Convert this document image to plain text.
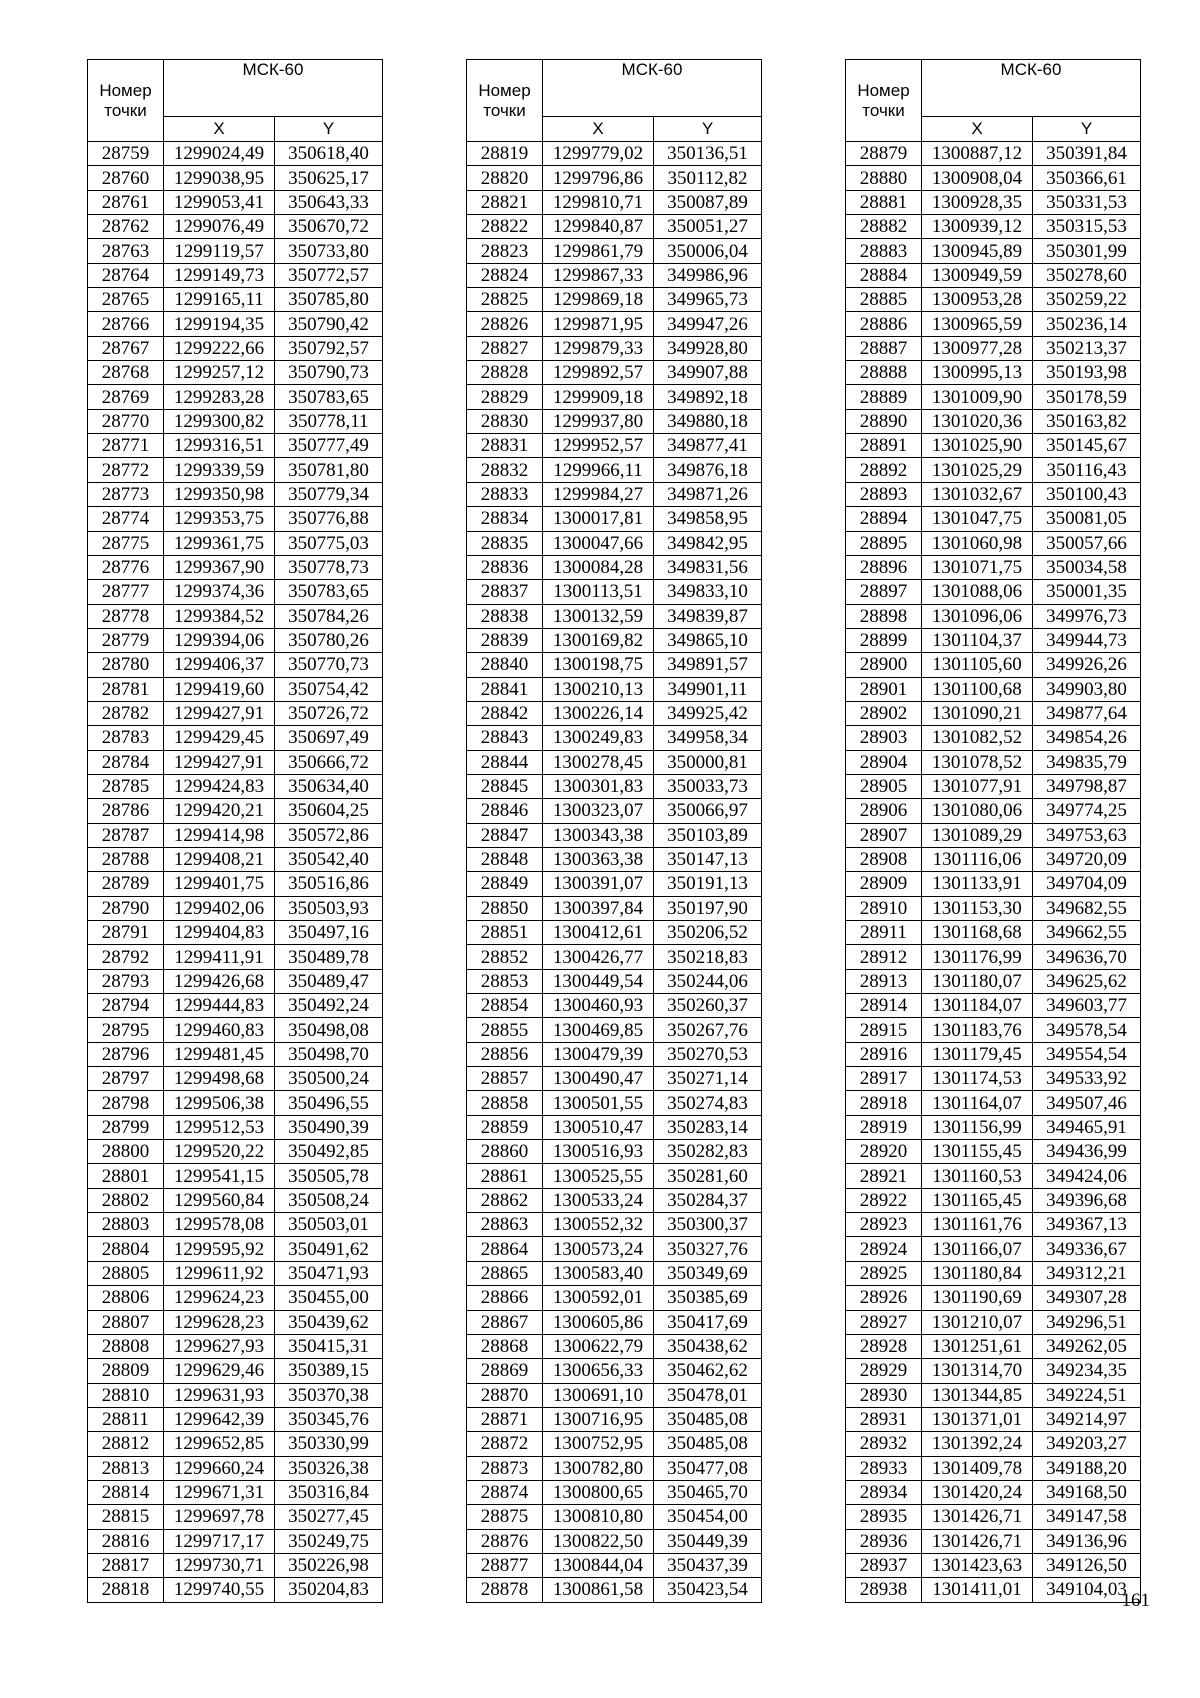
Номер точки	МСК-60	
	X	Y
28759	1299024,49	350618,40
28760	1299038,95	350625,17
28761	1299053,41	350643,33
28762	1299076,49	350670,72
28763	1299119,57	350733,80
28764	1299149,73	350772,57
28765	1299165,11	350785,80
28766	1299194,35	350790,42
28767	1299222,66	350792,57
28768	1299257,12	350790,73
28769	1299283,28	350783,65
28770	1299300,82	350778,11
28771	1299316,51	350777,49
28772	1299339,59	350781,80
28773	1299350,98	350779,34
28774	1299353,75	350776,88
28775	1299361,75	350775,03
28776	1299367,90	350778,73
28777	1299374,36	350783,65
28778	1299384,52	350784,26
28779	1299394,06	350780,26
28780	1299406,37	350770,73
28781	1299419,60	350754,42
28782	1299427,91	350726,72
28783	1299429,45	350697,49
28784	1299427,91	350666,72
28785	1299424,83	350634,40
28786	1299420,21	350604,25
28787	1299414,98	350572,86
28788	1299408,21	350542,40
28789	1299401,75	350516,86
28790	1299402,06	350503,93
28791	1299404,83	350497,16
28792	1299411,91	350489,78
28793	1299426,68	350489,47
28794	1299444,83	350492,24
28795	1299460,83	350498,08
28796	1299481,45	350498,70
28797	1299498,68	350500,24
28798	1299506,38	350496,55
28799	1299512,53	350490,39
28800	1299520,22	350492,85
28801	1299541,15	350505,78
28802	1299560,84	350508,24
28803	1299578,08	350503,01
28804	1299595,92	350491,62
28805	1299611,92	350471,93
28806	1299624,23	350455,00
28807	1299628,23	350439,62
28808	1299627,93	350415,31
28809	1299629,46	350389,15
28810	1299631,93	350370,38
28811	1299642,39	350345,76
28812	1299652,85	350330,99
28813	1299660,24	350326,38
28814	1299671,31	350316,84
28815	1299697,78	350277,45
28816	1299717,17	350249,75
28817	1299730,71	350226,98
28818	1299740,55	350204,83
Номер точки	МСК-60	
	X	Y
28819	1299779,02	350136,51
28820	1299796,86	350112,82
28821	1299810,71	350087,89
28822	1299840,87	350051,27
28823	1299861,79	350006,04
28824	1299867,33	349986,96
28825	1299869,18	349965,73
28826	1299871,95	349947,26
28827	1299879,33	349928,80
28828	1299892,57	349907,88
28829	1299909,18	349892,18
28830	1299937,80	349880,18
28831	1299952,57	349877,41
28832	1299966,11	349876,18
28833	1299984,27	349871,26
28834	1300017,81	349858,95
28835	1300047,66	349842,95
28836	1300084,28	349831,56
28837	1300113,51	349833,10
28838	1300132,59	349839,87
28839	1300169,82	349865,10
28840	1300198,75	349891,57
28841	1300210,13	349901,11
28842	1300226,14	349925,42
28843	1300249,83	349958,34
28844	1300278,45	350000,81
28845	1300301,83	350033,73
28846	1300323,07	350066,97
28847	1300343,38	350103,89
28848	1300363,38	350147,13
28849	1300391,07	350191,13
28850	1300397,84	350197,90
28851	1300412,61	350206,52
28852	1300426,77	350218,83
28853	1300449,54	350244,06
28854	1300460,93	350260,37
28855	1300469,85	350267,76
28856	1300479,39	350270,53
28857	1300490,47	350271,14
28858	1300501,55	350274,83
28859	1300510,47	350283,14
28860	1300516,93	350282,83
28861	1300525,55	350281,60
28862	1300533,24	350284,37
28863	1300552,32	350300,37
28864	1300573,24	350327,76
28865	1300583,40	350349,69
28866	1300592,01	350385,69
28867	1300605,86	350417,69
28868	1300622,79	350438,62
28869	1300656,33	350462,62
28870	1300691,10	350478,01
28871	1300716,95	350485,08
28872	1300752,95	350485,08
28873	1300782,80	350477,08
28874	1300800,65	350465,70
28875	1300810,80	350454,00
28876	1300822,50	350449,39
28877	1300844,04	350437,39
28878	1300861,58	350423,54
Номер точки	МСК-60	
	X	Y
28879	1300887,12	350391,84
28880	1300908,04	350366,61
28881	1300928,35	350331,53
28882	1300939,12	350315,53
28883	1300945,89	350301,99
28884	1300949,59	350278,60
28885	1300953,28	350259,22
28886	1300965,59	350236,14
28887	1300977,28	350213,37
28888	1300995,13	350193,98
28889	1301009,90	350178,59
28890	1301020,36	350163,82
28891	1301025,90	350145,67
28892	1301025,29	350116,43
28893	1301032,67	350100,43
28894	1301047,75	350081,05
28895	1301060,98	350057,66
28896	1301071,75	350034,58
28897	1301088,06	350001,35
28898	1301096,06	349976,73
28899	1301104,37	349944,73
28900	1301105,60	349926,26
28901	1301100,68	349903,80
28902	1301090,21	349877,64
28903	1301082,52	349854,26
28904	1301078,52	349835,79
28905	1301077,91	349798,87
28906	1301080,06	349774,25
28907	1301089,29	349753,63
28908	1301116,06	349720,09
28909	1301133,91	349704,09
28910	1301153,30	349682,55
28911	1301168,68	349662,55
28912	1301176,99	349636,70
28913	1301180,07	349625,62
28914	1301184,07	349603,77
28915	1301183,76	349578,54
28916	1301179,45	349554,54
28917	1301174,53	349533,92
28918	1301164,07	349507,46
28919	1301156,99	349465,91
28920	1301155,45	349436,99
28921	1301160,53	349424,06
28922	1301165,45	349396,68
28923	1301161,76	349367,13
28924	1301166,07	349336,67
28925	1301180,84	349312,21
28926	1301190,69	349307,28
28927	1301210,07	349296,51
28928	1301251,61	349262,05
28929	1301314,70	349234,35
28930	1301344,85	349224,51
28931	1301371,01	349214,97
28932	1301392,24	349203,27
28933	1301409,78	349188,20
28934	1301420,24	349168,50
28935	1301426,71	349147,58
28936	1301426,71	349136,96
28937	1301423,63	349126,50
28938	1301411,01	349104,03
161
